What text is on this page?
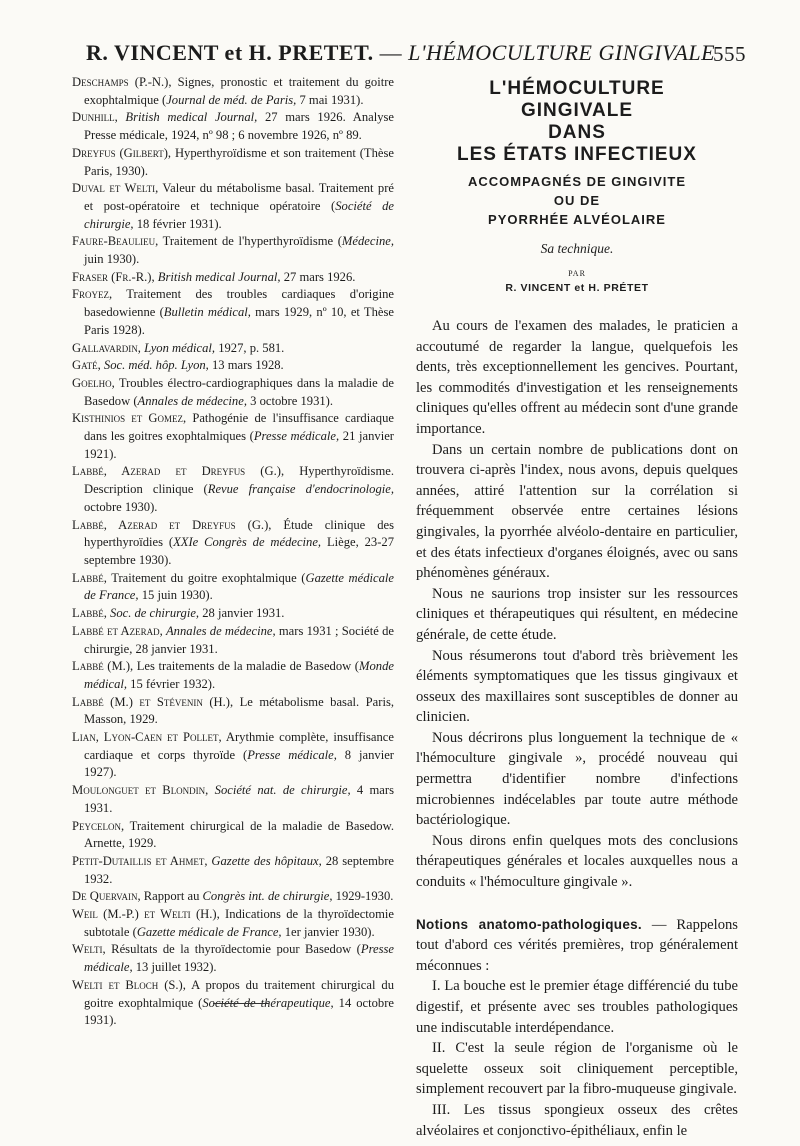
R. VINCENT et H. PRETET. — L'HÉMOCULTURE GINGIVALE
555

Deschamps (P.-N.), Signes, pronostic et traitement du goitre exophtalmique (Journal de méd. de Paris, 7 mai 1931).

Dunhill, British medical Journal, 27 mars 1926. Analyse Presse médicale, 1924, nº 98 ; 6 novembre 1926, nº 89.

Dreyfus (Gilbert), Hyperthyroïdisme et son traitement (Thèse Paris, 1930).

Duval et Welti, Valeur du métabolisme basal. Traitement pré et post-opératoire et technique opératoire (Société de chirurgie, 18 février 1931).

Faure-Beaulieu, Traitement de l'hyperthyroïdisme (Médecine, juin 1930).

Fraser (Fr.-R.), British medical Journal, 27 mars 1926.

Froyez, Traitement des troubles cardiaques d'origine basedowienne (Bulletin médical, mars 1929, nº 10, et Thèse Paris 1928).

Gallavardin, Lyon médical, 1927, p. 581.

Gaté, Soc. méd. hôp. Lyon, 13 mars 1928.

Goelho, Troubles électro-cardiographiques dans la maladie de Basedow (Annales de médecine, 3 octobre 1931).

Kisthinios et Gomez, Pathogénie de l'insuffisance cardiaque dans les goitres exophtalmiques (Presse médicale, 21 janvier 1921).

Labbé, Azerad et Dreyfus (G.), Hyperthyroïdisme. Description clinique (Revue française d'endocrinologie, octobre 1930).

Labbé, Azerad et Dreyfus (G.), Étude clinique des hyperthyroïdies (XXIe Congrès de médecine, Liège, 23-27 septembre 1930).

Labbé, Traitement du goitre exophtalmique (Gazette médicale de France, 15 juin 1930).

Labbé, Soc. de chirurgie, 28 janvier 1931.

Labbé et Azerad, Annales de médecine, mars 1931 ; Société de chirurgie, 28 janvier 1931.

Labbé (M.), Les traitements de la maladie de Basedow (Monde médical, 15 février 1932).

Labbé (M.) et Stévenin (H.), Le métabolisme basal. Paris, Masson, 1929.

Lian, Lyon-Caen et Pollet, Arythmie complète, insuffisance cardiaque et corps thyroïde (Presse médicale, 8 janvier 1927).

Moulonguet et Blondin, Société nat. de chirurgie, 4 mars 1931.

Peycelon, Traitement chirurgical de la maladie de Basedow. Arnette, 1929.

Petit-Dutaillis et Ahmet, Gazette des hôpitaux, 28 septembre 1932.

De Quervain, Rapport au Congrès int. de chirurgie, 1929-1930.

Weil (M.-P.) et Welti (H.), Indications de la thyroïdectomie subtotale (Gazette médicale de France, 1er janvier 1930).

Welti, Résultats de la thyroïdectomie pour Basedow (Presse médicale, 13 juillet 1932).

Welti et Bloch (S.), A propos du traitement chirurgical du goitre exophtalmique (Société de thérapeutique, 14 octobre 1931).

L'HÉMOCULTURE

GINGIVALE

DANS

LES ÉTATS INFECTIEUX

ACCOMPAGNÉS DE GINGIVITE

OU DE

PYORRHÉE ALVÉOLAIRE

Sa technique.

PAR

R. VINCENT et H. PRÉTET

Au cours de l'examen des malades, le praticien a accoutumé de regarder la langue, quelquefois les dents, très exceptionnellement les gencives. Pourtant, les commodités d'investigation et les renseignements cliniques qu'elles offrent au médecin sont d'une grande importance.

Dans un certain nombre de publications dont on trouvera ci-après l'index, nous avons, depuis quelques années, attiré l'attention sur la corrélation si fréquemment observée entre certaines lésions gingivales, la pyorrhée alvéolo-dentaire en particulier, et des états infectieux d'organes éloignés, avec ou sans phénomènes généraux.

Nous ne saurions trop insister sur les ressources cliniques et thérapeutiques qui résultent, en médecine générale, de cette étude.

Nous résumerons tout d'abord très brièvement les éléments symptomatiques que les tissus gingivaux et osseux des maxillaires sont susceptibles de donner au clinicien.

Nous décrirons plus longuement la technique de « l'hémoculture gingivale », procédé nouveau qui permettra d'identifier nombre d'infections microbiennes indécelables par toute autre méthode bactériologique.

Nous dirons enfin quelques mots des conclusions thérapeutiques générales et locales auxquelles nous a conduits « l'hémoculture gingivale ».

Notions anatomo-pathologiques. — Rappelons tout d'abord ces vérités premières, trop généralement méconnues :

I. La bouche est le premier étage différencié du tube digestif, et présente avec ses troubles pathologiques une indiscutable interdépendance.

II. C'est la seule région de l'organisme où le squelette osseux soit cliniquement perceptible, simplement recouvert par la fibro-muqueuse gingivale.

III. Les tissus spongieux osseux des crêtes alvéolaires et conjonctivo-épithéliaux, enfin le
